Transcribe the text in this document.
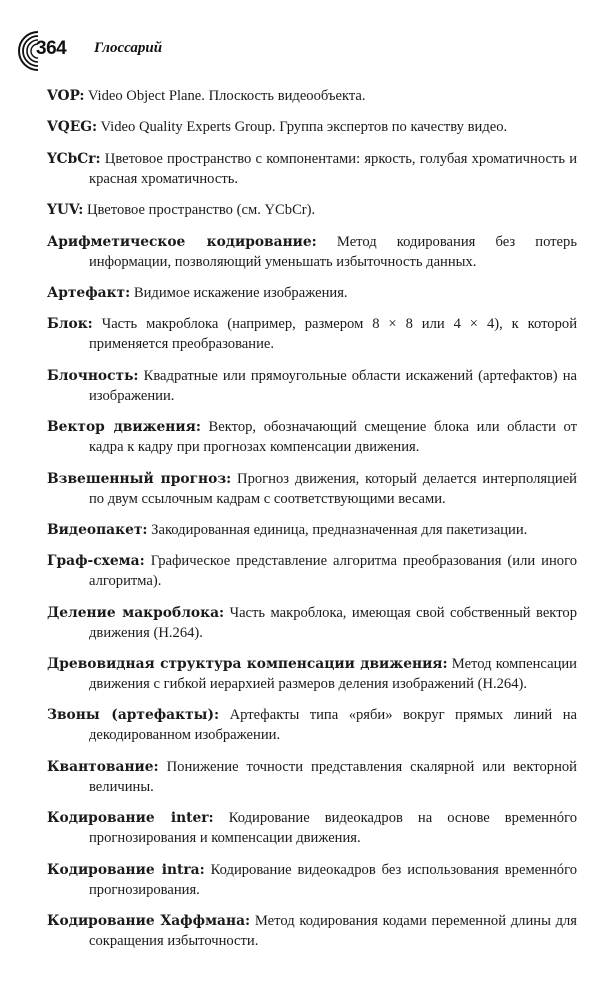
364 Глоссарий
VOP: Video Object Plane. Плоскость видеообъекта.
VQEG: Video Quality Experts Group. Группа экспертов по качеству видео.
YCbCr: Цветовое пространство с компонентами: яркость, голубая хроматичность и красная хроматичность.
YUV: Цветовое пространство (см. YCbCr).
Арифметическое кодирование: Метод кодирования без потерь информации, позволяющий уменьшать избыточность данных.
Артефакт: Видимое искажение изображения.
Блок: Часть макроблока (например, размером 8 × 8 или 4 × 4), к которой применяется преобразование.
Блочность: Квадратные или прямоугольные области искажений (артефактов) на изображении.
Вектор движения: Вектор, обозначающий смещение блока или области от кадра к кадру при прогнозах компенсации движения.
Взвешенный прогноз: Прогноз движения, который делается интерполяцией по двум ссылочным кадрам с соответствующими весами.
Видеопакет: Закодированная единица, предназначенная для пакетизации.
Граф-схема: Графическое представление алгоритма преобразования (или иного алгоритма).
Деление макроблока: Часть макроблока, имеющая свой собственный вектор движения (H.264).
Древовидная структура компенсации движения: Метод компенсации движения с гибкой иерархией размеров деления изображений (H.264).
Звоны (артефакты): Артефакты типа «ряби» вокруг прямых линий на декодированном изображении.
Квантование: Понижение точности представления скалярной или векторной величины.
Кодирование inter: Кодирование видеокадров на основе временнóго прогнозирования и компенсации движения.
Кодирование intra: Кодирование видеокадров без использования временнóго прогнозирования.
Кодирование Хаффмана: Метод кодирования кодами переменной длины для сокращения избыточности.
